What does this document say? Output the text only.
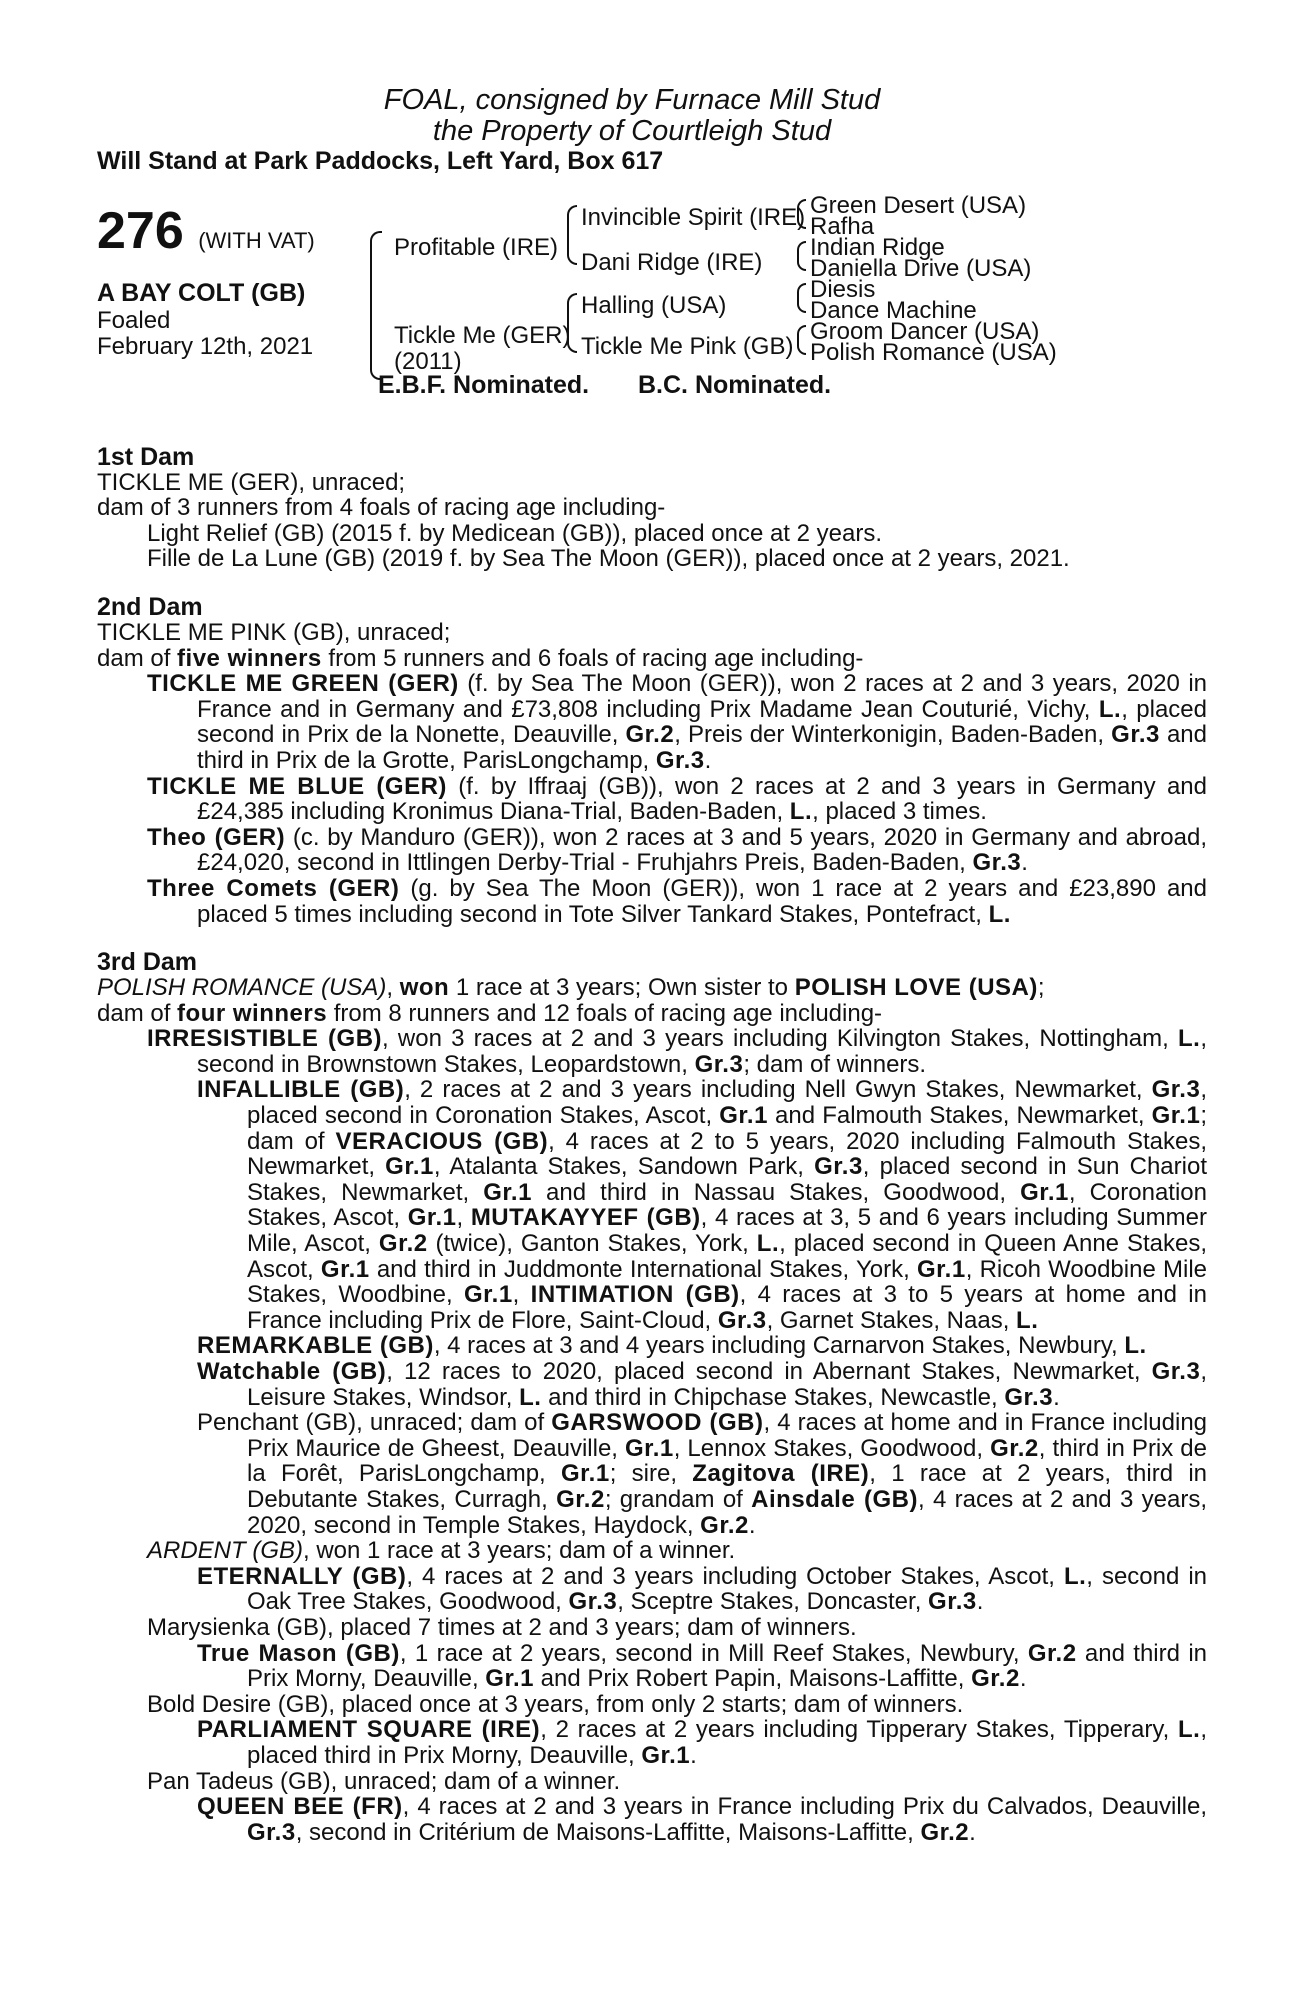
FOAL, consigned by Furnace Mill Stud
the Property of Courtleigh Stud
Will Stand at Park Paddocks, Left Yard, Box 617
276 (WITH VAT)
A BAY COLT (GB)
Foaled
February 12th, 2021
Profitable (IRE)
Tickle Me (GER)
(2011)
Invincible Spirit (IRE)
Dani Ridge (IRE)
Halling (USA)
Tickle Me Pink (GB)
Green Desert (USA)
Rafha
Indian Ridge
Daniella Drive (USA)
Diesis
Dance Machine
Groom Dancer (USA)
Polish Romance (USA)
E.B.F. Nominated. B.C. Nominated.
1st Dam

TICKLE ME (GER), unraced;

dam of 3 runners from 4 foals of racing age including-

Light Relief (GB) (2015 f. by Medicean (GB)), placed once at 2 years.

Fille de La Lune (GB) (2019 f. by Sea The Moon (GER)), placed once at 2 years, 2021.

2nd Dam

TICKLE ME PINK (GB), unraced;

dam of five winners from 5 runners and 6 foals of racing age including-

TICKLE ME GREEN (GER) (f. by Sea The Moon (GER)), won 2 races at 2 and 3 years, 2020 in France and in Germany and £73,808 including Prix Madame Jean Couturié, Vichy, L., placed second in Prix de la Nonette, Deauville, Gr.2, Preis der Winterkonigin, Baden-Baden, Gr.3 and third in Prix de la Grotte, ParisLongchamp, Gr.3.

TICKLE ME BLUE (GER) (f. by Iffraaj (GB)), won 2 races at 2 and 3 years in Germany and £24,385 including Kronimus Diana-Trial, Baden-Baden, L., placed 3 times.

Theo (GER) (c. by Manduro (GER)), won 2 races at 3 and 5 years, 2020 in Germany and abroad, £24,020, second in Ittlingen Derby-Trial - Fruhjahrs Preis, Baden-Baden, Gr.3.

Three Comets (GER) (g. by Sea The Moon (GER)), won 1 race at 2 years and £23,890 and placed 5 times including second in Tote Silver Tankard Stakes, Pontefract, L.

3rd Dam

POLISH ROMANCE (USA), won 1 race at 3 years; Own sister to POLISH LOVE (USA);

dam of four winners from 8 runners and 12 foals of racing age including-

IRRESISTIBLE (GB), won 3 races at 2 and 3 years including Kilvington Stakes, Nottingham, L., second in Brownstown Stakes, Leopardstown, Gr.3; dam of winners.

INFALLIBLE (GB), 2 races at 2 and 3 years including Nell Gwyn Stakes, Newmarket, Gr.3, placed second in Coronation Stakes, Ascot, Gr.1 and Falmouth Stakes, Newmarket, Gr.1; dam of VERACIOUS (GB), 4 races at 2 to 5 years, 2020 including Falmouth Stakes, Newmarket, Gr.1, Atalanta Stakes, Sandown Park, Gr.3, placed second in Sun Chariot Stakes, Newmarket, Gr.1 and third in Nassau Stakes, Goodwood, Gr.1, Coronation Stakes, Ascot, Gr.1, MUTAKAYYEF (GB), 4 races at 3, 5 and 6 years including Summer Mile, Ascot, Gr.2 (twice), Ganton Stakes, York, L., placed second in Queen Anne Stakes, Ascot, Gr.1 and third in Juddmonte International Stakes, York, Gr.1, Ricoh Woodbine Mile Stakes, Woodbine, Gr.1, INTIMATION (GB), 4 races at 3 to 5 years at home and in France including Prix de Flore, Saint-Cloud, Gr.3, Garnet Stakes, Naas, L.

REMARKABLE (GB), 4 races at 3 and 4 years including Carnarvon Stakes, Newbury, L.

Watchable (GB), 12 races to 2020, placed second in Abernant Stakes, Newmarket, Gr.3, Leisure Stakes, Windsor, L. and third in Chipchase Stakes, Newcastle, Gr.3.

Penchant (GB), unraced; dam of GARSWOOD (GB), 4 races at home and in France including Prix Maurice de Gheest, Deauville, Gr.1, Lennox Stakes, Goodwood, Gr.2, third in Prix de la Forêt, ParisLongchamp, Gr.1; sire, Zagitova (IRE), 1 race at 2 years, third in Debutante Stakes, Curragh, Gr.2; grandam of Ainsdale (GB), 4 races at 2 and 3 years, 2020, second in Temple Stakes, Haydock, Gr.2.

ARDENT (GB), won 1 race at 3 years; dam of a winner.

ETERNALLY (GB), 4 races at 2 and 3 years including October Stakes, Ascot, L., second in Oak Tree Stakes, Goodwood, Gr.3, Sceptre Stakes, Doncaster, Gr.3.

Marysienka (GB), placed 7 times at 2 and 3 years; dam of winners.

True Mason (GB), 1 race at 2 years, second in Mill Reef Stakes, Newbury, Gr.2 and third in Prix Morny, Deauville, Gr.1 and Prix Robert Papin, Maisons-Laffitte, Gr.2.

Bold Desire (GB), placed once at 3 years, from only 2 starts; dam of winners.

PARLIAMENT SQUARE (IRE), 2 races at 2 years including Tipperary Stakes, Tipperary, L., placed third in Prix Morny, Deauville, Gr.1.

Pan Tadeus (GB), unraced; dam of a winner.

QUEEN BEE (FR), 4 races at 2 and 3 years in France including Prix du Calvados, Deauville, Gr.3, second in Critérium de Maisons-Laffitte, Maisons-Laffitte, Gr.2.
